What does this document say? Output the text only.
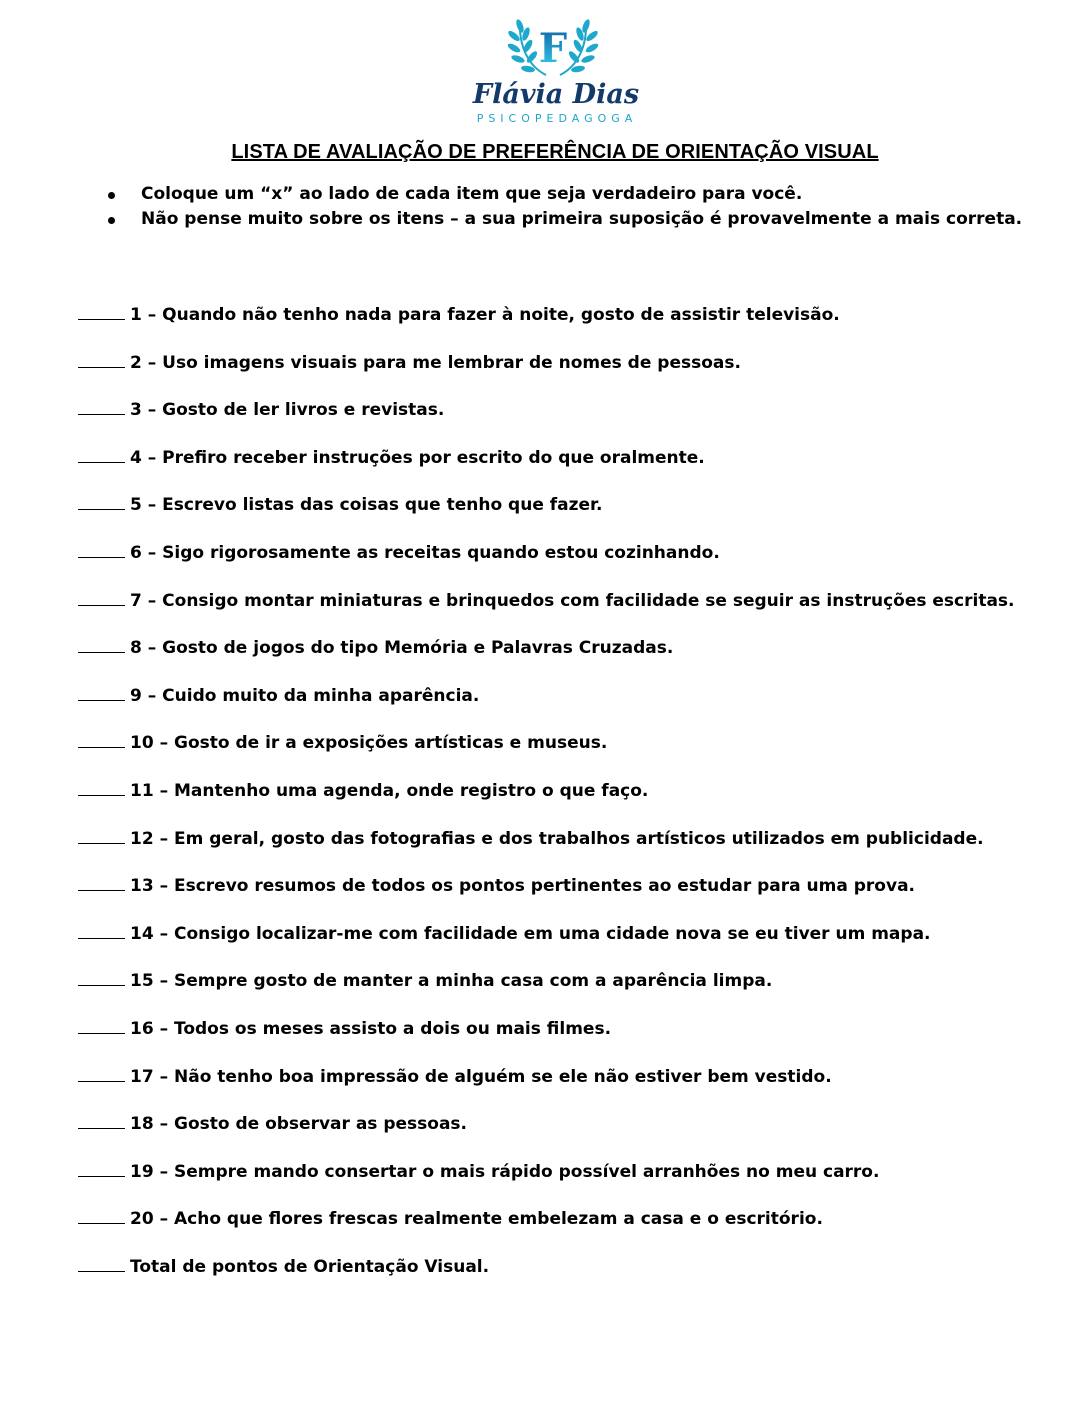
F
Flávia Dias
PSICOPEDAGOGA
LISTA DE AVALIAÇÃO DE PREFERÊNCIA DE ORIENTAÇÃO VISUAL
Coloque um “x” ao lado de cada item que seja verdadeiro para você.
Não pense muito sobre os itens – a sua primeira suposição é provavelmente a mais correta.
1 – Quando não tenho nada para fazer à noite, gosto de assistir televisão.
2 – Uso imagens visuais para me lembrar de nomes de pessoas.
3 – Gosto de ler livros e revistas.
4 – Prefiro receber instruções por escrito do que oralmente.
5 – Escrevo listas das coisas que tenho que fazer.
6 – Sigo rigorosamente as receitas quando estou cozinhando.
7 – Consigo montar miniaturas e brinquedos com facilidade se seguir as instruções escritas.
8 – Gosto de jogos do tipo Memória e Palavras Cruzadas.
9 – Cuido muito da minha aparência.
10 – Gosto de ir a exposições artísticas e museus.
11 – Mantenho uma agenda, onde registro o que faço.
12 – Em geral, gosto das fotografias e dos trabalhos artísticos utilizados em publicidade.
13 – Escrevo resumos de todos os pontos pertinentes ao estudar para uma prova.
14 – Consigo localizar-me com facilidade em uma cidade nova se eu tiver um mapa.
15 – Sempre gosto de manter a minha casa com a aparência limpa.
16 – Todos os meses assisto a dois ou mais filmes.
17 – Não tenho boa impressão de alguém se ele não estiver bem vestido.
18 – Gosto de observar as pessoas.
19 – Sempre mando consertar o mais rápido possível arranhões no meu carro.
20 – Acho que flores frescas realmente embelezam a casa e o escritório.
Total de pontos de Orientação Visual.
